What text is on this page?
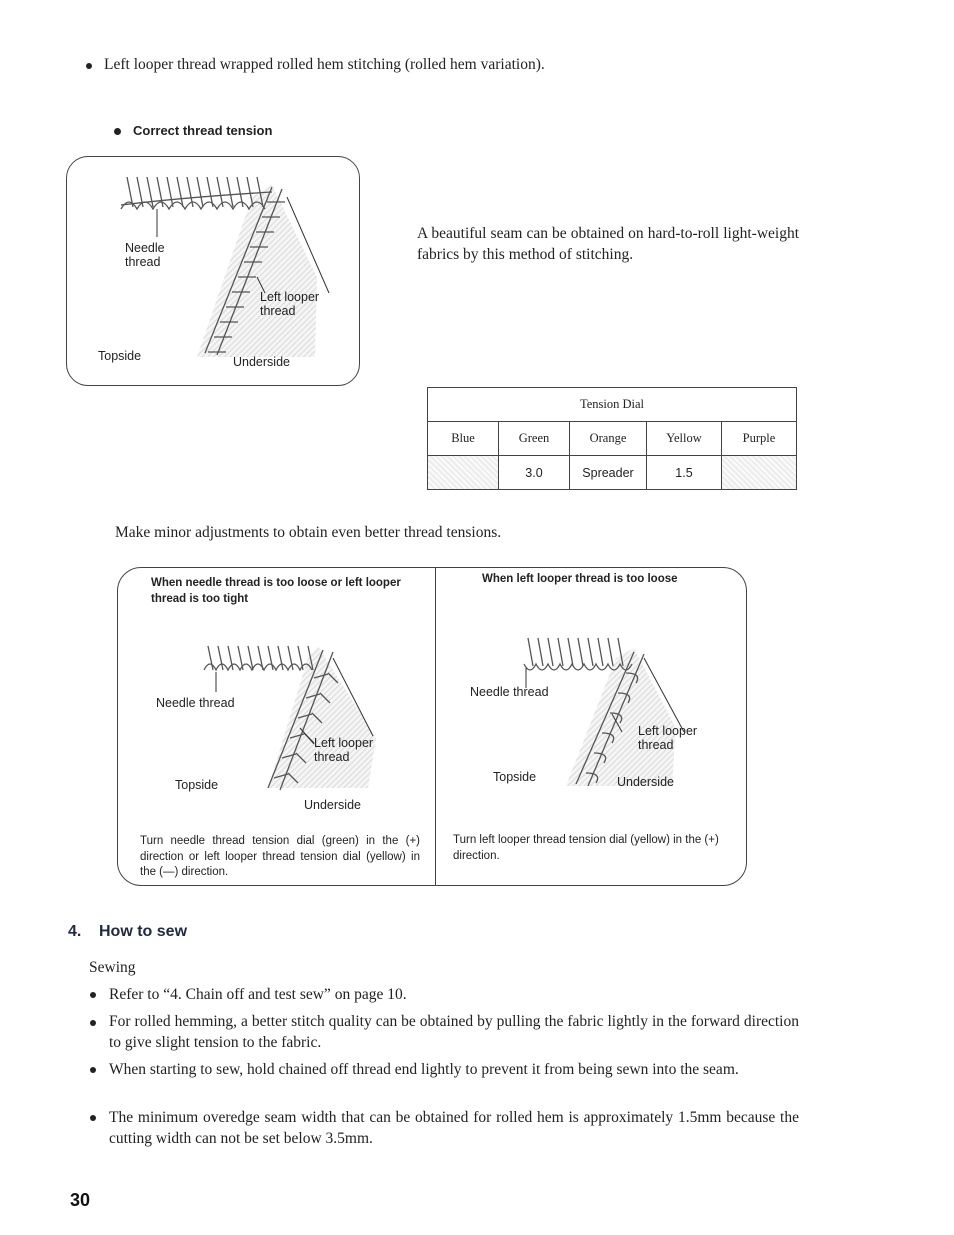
Left looper thread wrapped rolled hem stitching (rolled hem variation).
Correct thread tension
Needle
thread
Left looper
thread
Topside	Underside
A beautiful seam can be obtained on hard-to-roll light-weight fabrics by this method of stitching.
Tension Dial				
Blue	Green	Orange	Yellow	Purple
	3.0	Spreader	1.5	
Make minor adjustments to obtain even better thread tensions.
When needle thread is too loose or left looper thread is too tight
Needle thread
Left looper
thread
Topside
Underside
Turn needle thread tension dial (green) in the (+) direction or left looper thread tension dial (yellow) in the (—) direction.
When left looper thread is too loose
Needle thread
Left looper
thread
Topside	Underside
Turn left looper thread tension dial (yellow) in the (+) direction.
4. How to sew
Sewing
Refer to “4. Chain off and test sew” on page 10.
For rolled hemming, a better stitch quality can be obtained by pulling the fabric lightly in the forward direction to give slight tension to the fabric.
When starting to sew, hold chained off thread end lightly to prevent it from being sewn into the seam.
The minimum overedge seam width that can be obtained for rolled hem is approximately 1.5mm because the cutting width can not be set below 3.5mm.
30
